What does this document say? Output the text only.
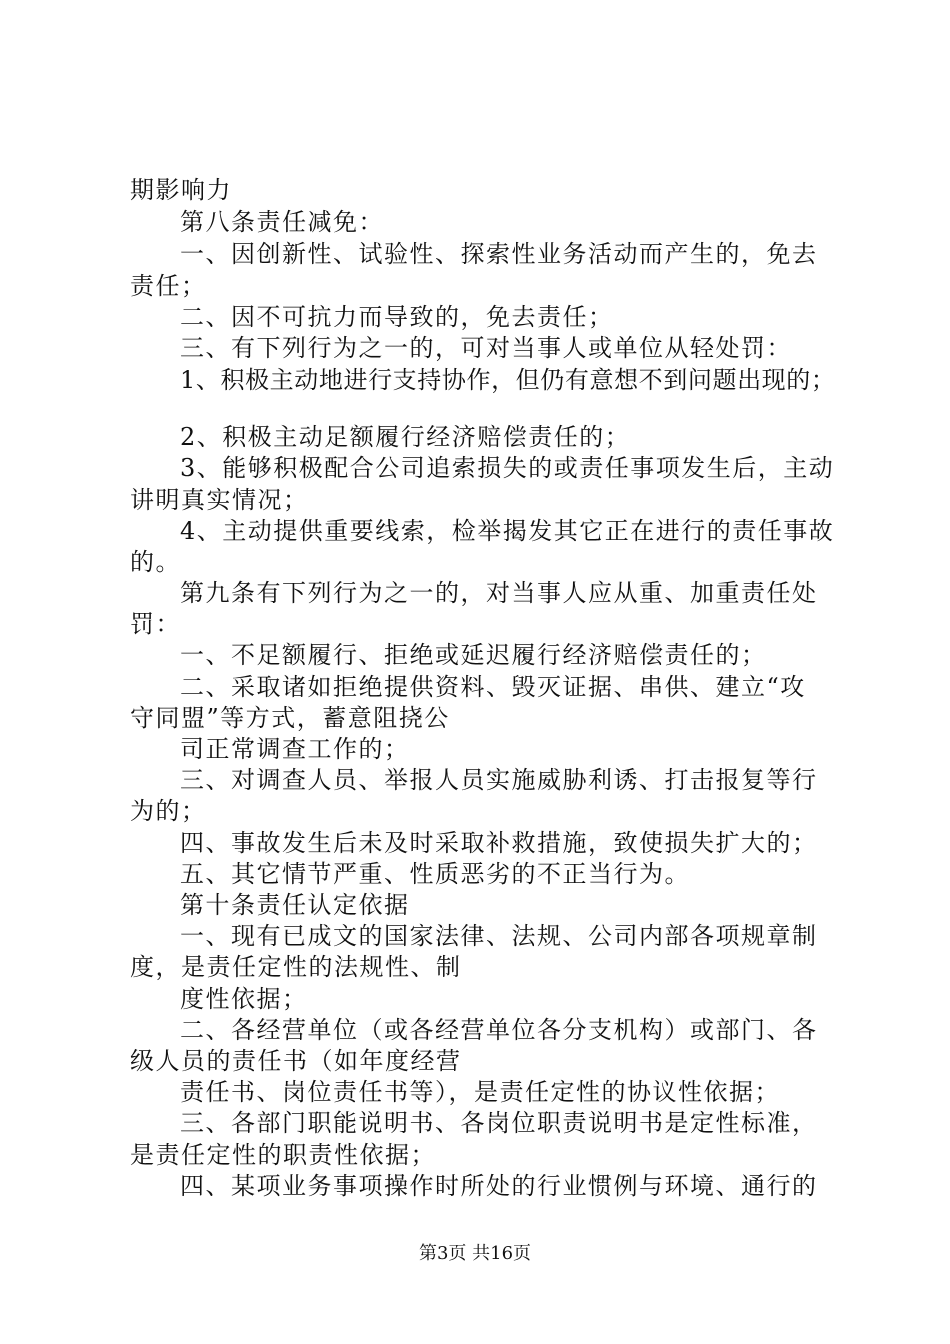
期影响力
第八条责任减免：
一、因创新性、试验性、探索性业务活动而产生的，免去
责任；
二、因不可抗力而导致的，免去责任；
三、有下列行为之一的，可对当事人或单位从轻处罚：
1、积极主动地进行支持协作，但仍有意想不到问题出现的；
2、积极主动足额履行经济赔偿责任的；
3、能够积极配合公司追索损失的或责任事项发生后，主动
讲明真实情况；
4、主动提供重要线索，检举揭发其它正在进行的责任事故
的。
第九条有下列行为之一的，对当事人应从重、加重责任处
罚：
一、不足额履行、拒绝或延迟履行经济赔偿责任的；
二、采取诸如拒绝提供资料、毁灭证据、串供、建立“攻
守同盟”等方式，蓄意阻挠公
司正常调查工作的；
三、对调查人员、举报人员实施威胁利诱、打击报复等行
为的；
四、事故发生后未及时采取补救措施，致使损失扩大的；
五、其它情节严重、性质恶劣的不正当行为。
第十条责任认定依据
一、现有已成文的国家法律、法规、公司内部各项规章制
度，是责任定性的法规性、制
度性依据；
二、各经营单位（或各经营单位各分支机构）或部门、各
级人员的责任书（如年度经营
责任书、岗位责任书等），是责任定性的协议性依据；
三、各部门职能说明书、各岗位职责说明书是定性标准，
是责任定性的职责性依据；
四、某项业务事项操作时所处的行业惯例与环境、通行的
第3页 共16页
